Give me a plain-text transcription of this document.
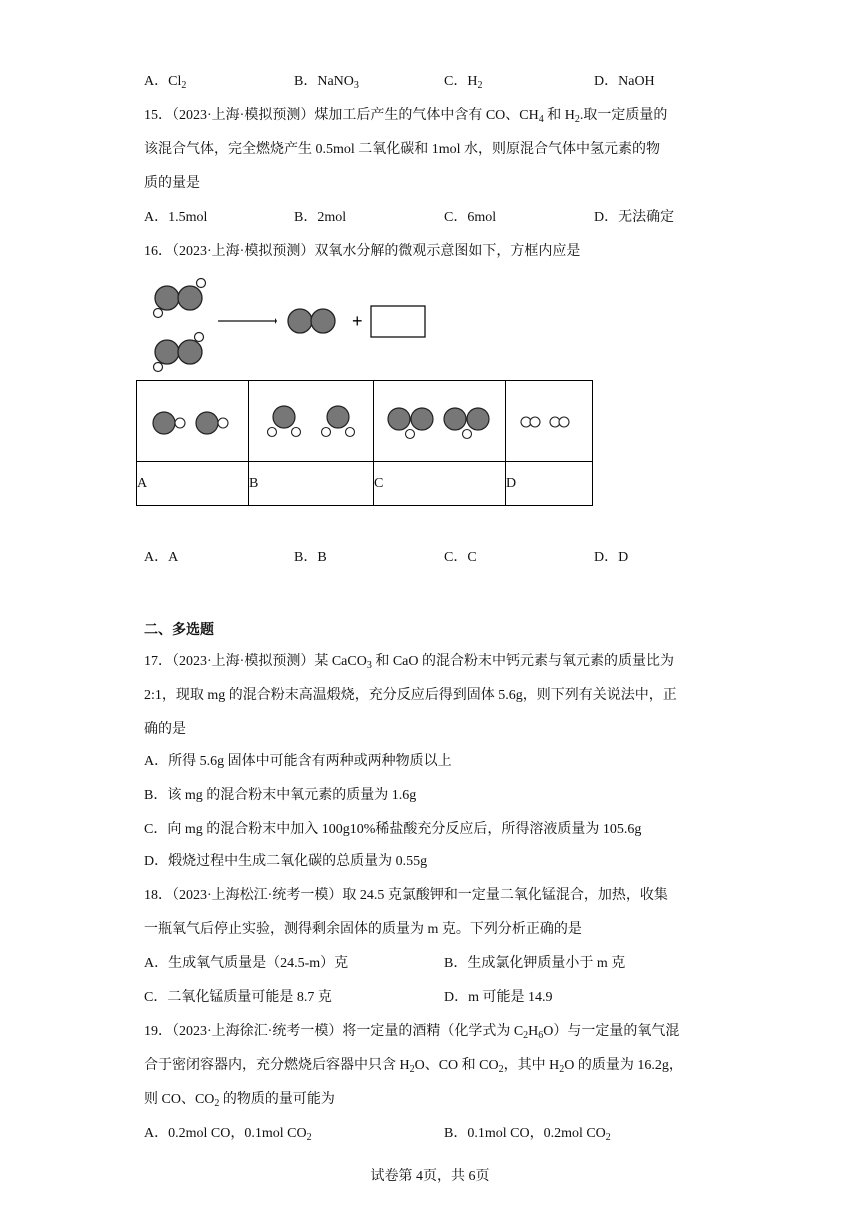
A．$Cl_2$	B．NaNO$_3$	C．$H_2$	D．NaOH
15．（2023·上海·模拟预测）煤加工后产生的气体中含有 CO、$CH_4$ 和 $H_2$.取一定质量的
该混合气体，完全燃烧产生 0.5mol 二氧化碳和 1mol 水，则原混合气体中氢元素的物
质的量是
A．1.5mol	B．2mol	C．6mol	D．无法确定
16．（2023·上海·模拟预测）双氧水分解的微观示意图如下，方框内应是
+

A	B	C	D
A．A	B．B	C．C	D．D
二、多选题
17．（2023·上海·模拟预测）某 CaCO$_3$ 和 CaO 的混合粉末中钙元素与氧元素的质量比为
2:1，现取 mg 的混合粉末高温煅烧，充分反应后得到固体 5.6g，则下列有关说法中，正
确的是
A．所得 5.6g 固体中可能含有两种或两种物质以上
B．该 mg 的混合粉末中氧元素的质量为 1.6g
C．向 mg 的混合粉末中加入 100g10%稀盐酸充分反应后，所得溶液质量为 105.6g
D．煅烧过程中生成二氧化碳的总质量为 0.55g
18．（2023·上海松江·统考一模）取 24.5 克氯酸钾和一定量二氧化锰混合，加热，收集
一瓶氧气后停止实验，测得剩余固体的质量为 m 克。下列分析正确的是
A．生成氧气质量是（24.5-m）克	B．生成氯化钾质量小于 m 克
C．二氧化锰质量可能是 8.7 克	D．m 可能是 14.9
19．（2023·上海徐汇·统考一模）将一定量的酒精（化学式为 $C_2H_6O$）与一定量的氧气混
合于密闭容器内，充分燃烧后容器中只含 $H_2O$、CO 和 $CO_2$，其中 $H_2O$ 的质量为 16.2g，
则 CO、$CO_2$ 的物质的量可能为
A．0.2mol CO，0.1mol $CO_2$	B．0.1mol CO，0.2mol $CO_2$
试卷第 4页，共 6页
